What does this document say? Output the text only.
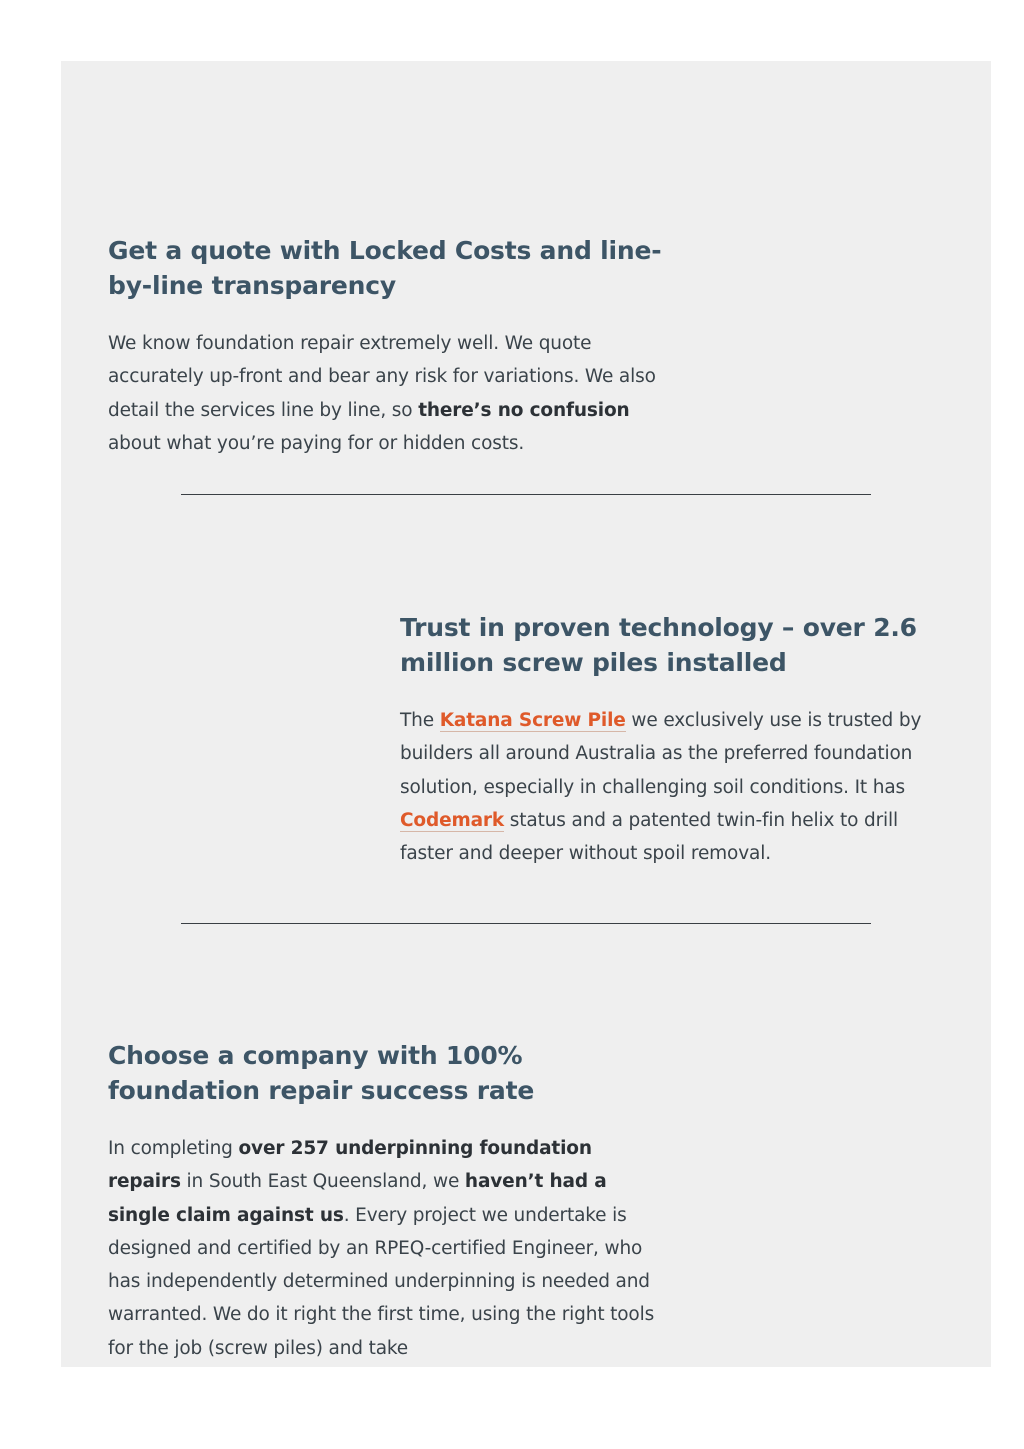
Get a quote with Locked Costs and line-by-line transparency

We know foundation repair extremely well. We quote accurately up-front and bear any risk for variations. We also detail the services line by line, so there’s no confusion about what you’re paying for or hidden costs.

Trust in proven technology – over 2.6 million screw piles installed

The Katana Screw Pile we exclusively use is trusted by builders all around Australia as the preferred foundation solution, especially in challenging soil conditions. It has Codemark status and a patented twin-fin helix to drill faster and deeper without spoil removal.

Choose a company with 100% foundation repair success rate

In completing over 257 underpinning foundation repairs in South East Queensland, we haven’t had a single claim against us. Every project we undertake is designed and certified by an RPEQ-certified Engineer, who has independently determined underpinning is needed and warranted. We do it right the first time, using the right tools for the job (screw piles) and take
